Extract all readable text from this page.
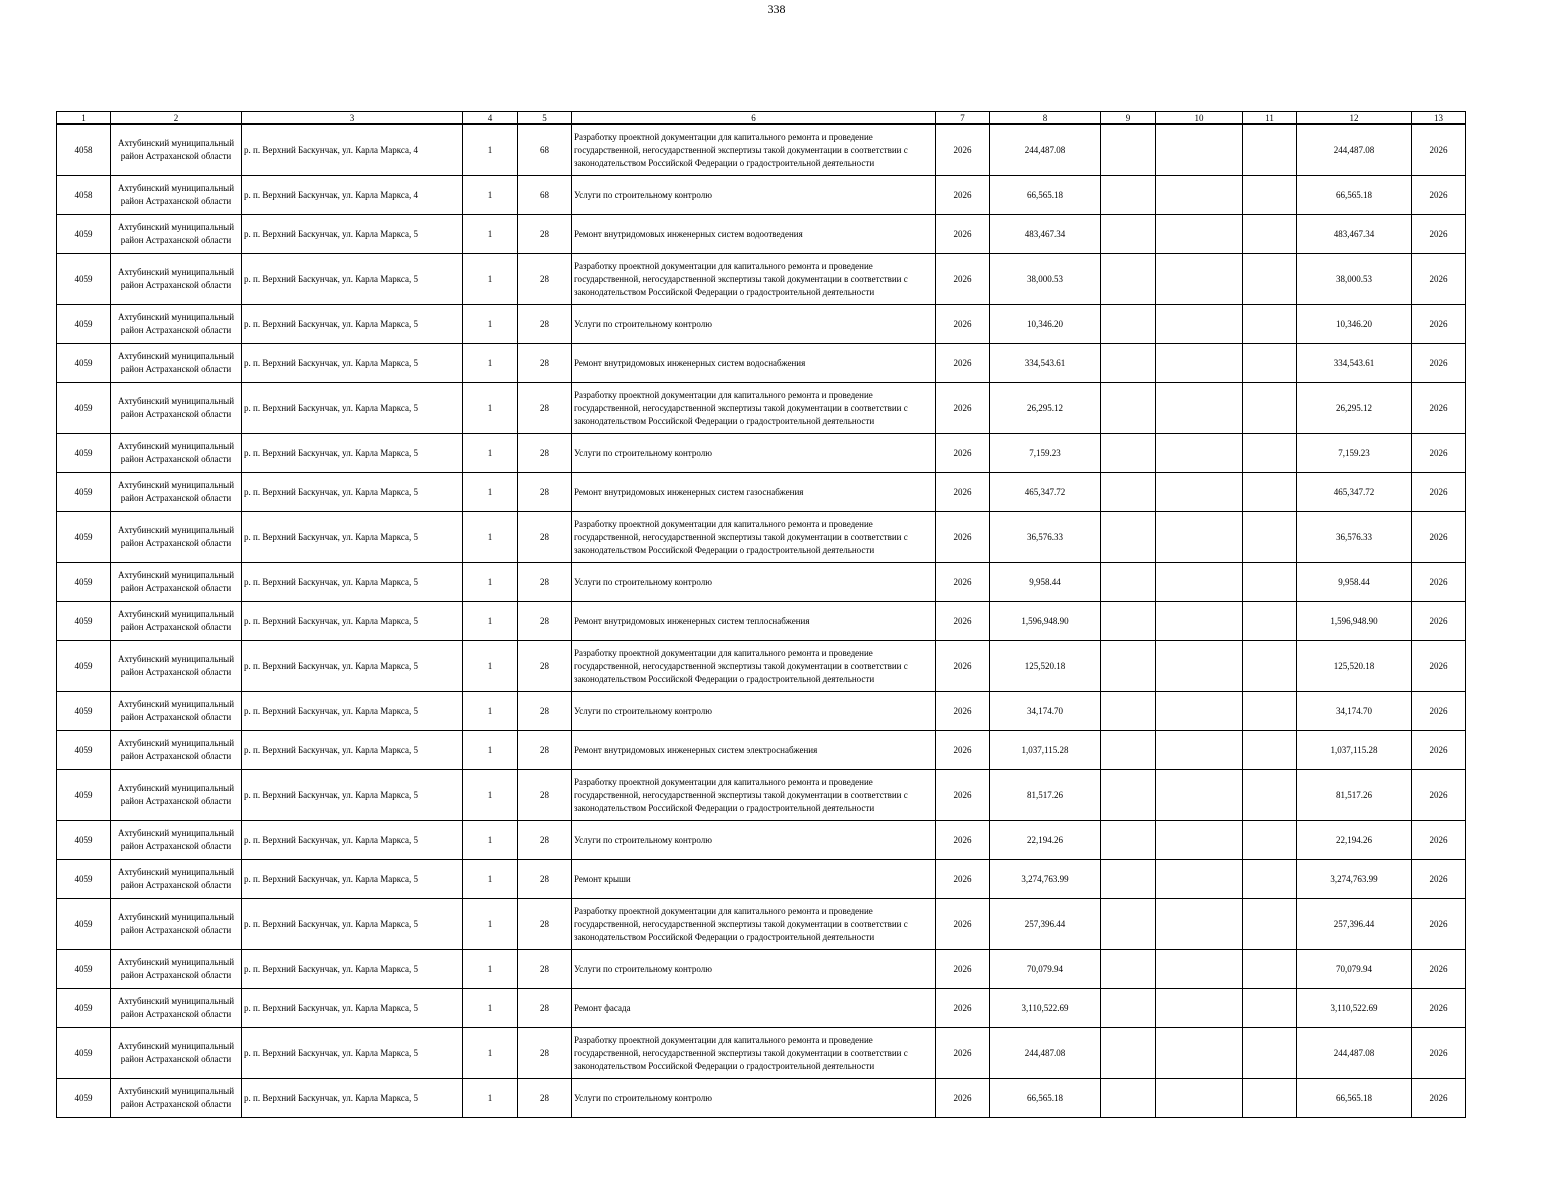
338
1	2	3	4	5	6	7	8	9	10	11	12	13
4058	Ахтубинский муниципальный район Астраханской области	р. п. Верхний Баскунчак, ул. Карла Маркса, 4	1	68	Разработку проектной документации для капитального ремонта и проведение государственной, негосударственной экспертизы такой документации в соответствии с законодательством Российской Федерации о градостроительной деятельности	2026	244,487.08				244,487.08	2026
4058	Ахтубинский муниципальный район Астраханской области	р. п. Верхний Баскунчак, ул. Карла Маркса, 4	1	68	Услуги по строительному контролю	2026	66,565.18				66,565.18	2026
4059	Ахтубинский муниципальный район Астраханской области	р. п. Верхний Баскунчак, ул. Карла Маркса, 5	1	28	Ремонт внутридомовых инженерных систем водоотведения	2026	483,467.34				483,467.34	2026
4059	Ахтубинский муниципальный район Астраханской области	р. п. Верхний Баскунчак, ул. Карла Маркса, 5	1	28	Разработку проектной документации для капитального ремонта и проведение государственной, негосударственной экспертизы такой документации в соответствии с законодательством Российской Федерации о градостроительной деятельности	2026	38,000.53				38,000.53	2026
4059	Ахтубинский муниципальный район Астраханской области	р. п. Верхний Баскунчак, ул. Карла Маркса, 5	1	28	Услуги по строительному контролю	2026	10,346.20				10,346.20	2026
4059	Ахтубинский муниципальный район Астраханской области	р. п. Верхний Баскунчак, ул. Карла Маркса, 5	1	28	Ремонт внутридомовых инженерных систем водоснабжения	2026	334,543.61				334,543.61	2026
4059	Ахтубинский муниципальный район Астраханской области	р. п. Верхний Баскунчак, ул. Карла Маркса, 5	1	28	Разработку проектной документации для капитального ремонта и проведение государственной, негосударственной экспертизы такой документации в соответствии с законодательством Российской Федерации о градостроительной деятельности	2026	26,295.12				26,295.12	2026
4059	Ахтубинский муниципальный район Астраханской области	р. п. Верхний Баскунчак, ул. Карла Маркса, 5	1	28	Услуги по строительному контролю	2026	7,159.23				7,159.23	2026
4059	Ахтубинский муниципальный район Астраханской области	р. п. Верхний Баскунчак, ул. Карла Маркса, 5	1	28	Ремонт внутридомовых инженерных систем газоснабжения	2026	465,347.72				465,347.72	2026
4059	Ахтубинский муниципальный район Астраханской области	р. п. Верхний Баскунчак, ул. Карла Маркса, 5	1	28	Разработку проектной документации для капитального ремонта и проведение государственной, негосударственной экспертизы такой документации в соответствии с законодательством Российской Федерации о градостроительной деятельности	2026	36,576.33				36,576.33	2026
4059	Ахтубинский муниципальный район Астраханской области	р. п. Верхний Баскунчак, ул. Карла Маркса, 5	1	28	Услуги по строительному контролю	2026	9,958.44				9,958.44	2026
4059	Ахтубинский муниципальный район Астраханской области	р. п. Верхний Баскунчак, ул. Карла Маркса, 5	1	28	Ремонт внутридомовых инженерных систем теплоснабжения	2026	1,596,948.90				1,596,948.90	2026
4059	Ахтубинский муниципальный район Астраханской области	р. п. Верхний Баскунчак, ул. Карла Маркса, 5	1	28	Разработку проектной документации для капитального ремонта и проведение государственной, негосударственной экспертизы такой документации в соответствии с законодательством Российской Федерации о градостроительной деятельности	2026	125,520.18				125,520.18	2026
4059	Ахтубинский муниципальный район Астраханской области	р. п. Верхний Баскунчак, ул. Карла Маркса, 5	1	28	Услуги по строительному контролю	2026	34,174.70				34,174.70	2026
4059	Ахтубинский муниципальный район Астраханской области	р. п. Верхний Баскунчак, ул. Карла Маркса, 5	1	28	Ремонт внутридомовых инженерных систем электроснабжения	2026	1,037,115.28				1,037,115.28	2026
4059	Ахтубинский муниципальный район Астраханской области	р. п. Верхний Баскунчак, ул. Карла Маркса, 5	1	28	Разработку проектной документации для капитального ремонта и проведение государственной, негосударственной экспертизы такой документации в соответствии с законодательством Российской Федерации о градостроительной деятельности	2026	81,517.26				81,517.26	2026
4059	Ахтубинский муниципальный район Астраханской области	р. п. Верхний Баскунчак, ул. Карла Маркса, 5	1	28	Услуги по строительному контролю	2026	22,194.26				22,194.26	2026
4059	Ахтубинский муниципальный район Астраханской области	р. п. Верхний Баскунчак, ул. Карла Маркса, 5	1	28	Ремонт крыши	2026	3,274,763.99				3,274,763.99	2026
4059	Ахтубинский муниципальный район Астраханской области	р. п. Верхний Баскунчак, ул. Карла Маркса, 5	1	28	Разработку проектной документации для капитального ремонта и проведение государственной, негосударственной экспертизы такой документации в соответствии с законодательством Российской Федерации о градостроительной деятельности	2026	257,396.44				257,396.44	2026
4059	Ахтубинский муниципальный район Астраханской области	р. п. Верхний Баскунчак, ул. Карла Маркса, 5	1	28	Услуги по строительному контролю	2026	70,079.94				70,079.94	2026
4059	Ахтубинский муниципальный район Астраханской области	р. п. Верхний Баскунчак, ул. Карла Маркса, 5	1	28	Ремонт фасада	2026	3,110,522.69				3,110,522.69	2026
4059	Ахтубинский муниципальный район Астраханской области	р. п. Верхний Баскунчак, ул. Карла Маркса, 5	1	28	Разработку проектной документации для капитального ремонта и проведение государственной, негосударственной экспертизы такой документации в соответствии с законодательством Российской Федерации о градостроительной деятельности	2026	244,487.08				244,487.08	2026
4059	Ахтубинский муниципальный район Астраханской области	р. п. Верхний Баскунчак, ул. Карла Маркса, 5	1	28	Услуги по строительному контролю	2026	66,565.18				66,565.18	2026
